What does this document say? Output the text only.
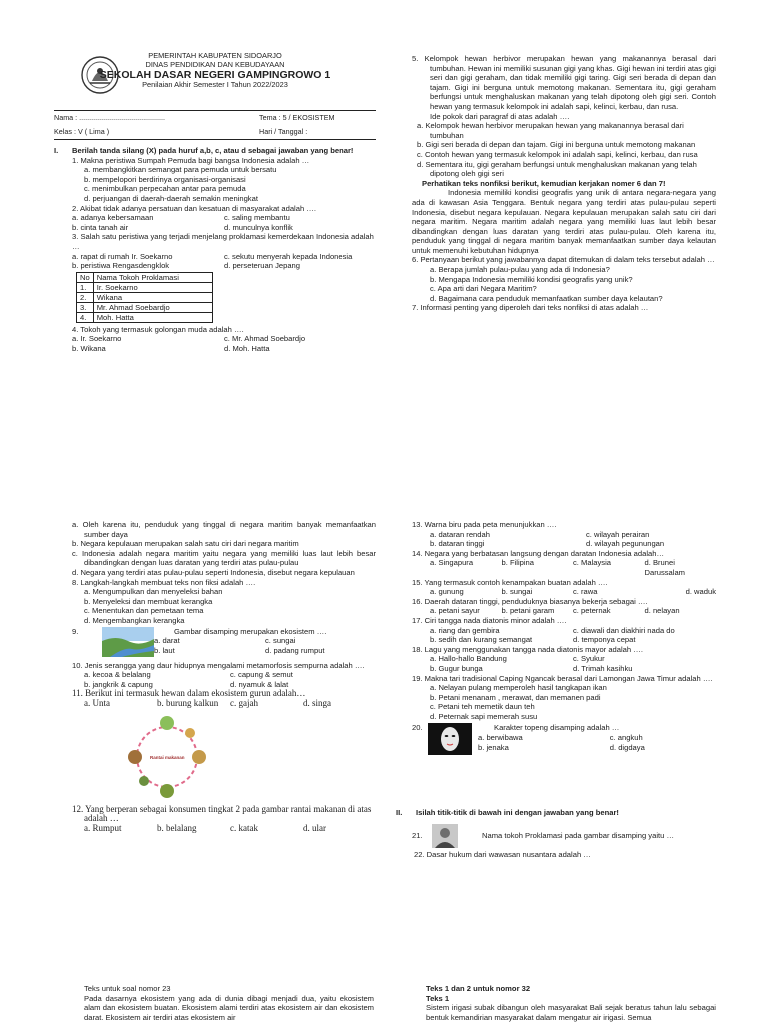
PEMERINTAH KABUPATEN SIDOARJO
DINAS PENDIDIKAN DAN KEBUDAYAAN
SEKOLAH DASAR NEGERI GAMPINGROWO 1
Penilaian Akhir Semester I Tahun 2022/2023
Nama : ...........................................	Tema : 5 / EKOSISTEM
Kelas : V ( Lima )	Hari / Tanggal :
I.	Berilah tanda silang (X) pada huruf a,b, c, atau d sebagai jawaban yang benar!
1. Makna peristiwa Sumpah Pemuda bagi bangsa Indonesia adalah …
a. membangkitkan semangat para pemuda untuk bersatu
b. mempelopori berdirinya organisasi-organisasi
c. menimbulkan perpecahan antar para pemuda
d. perjuangan di daerah-daerah semakin meningkat
2. Akibat tidak adanya persatuan dan kesatuan di masyarakat adalah ….
a. adanya kebersamaan	c. saling membantu
b. cinta tanah air	d. munculnya konflik
3. Salah satu peristiwa yang terjadi menjelang proklamasi kemerdekaan Indonesia adalah …
a. rapat di rumah Ir. Soekarno	c. sekutu menyerah kepada Indonesia
b. peristiwa Rengasdengklok	d. perseteruan Jepang
No	Nama Tokoh Proklamasi
1.	Ir. Soekarno
2.	Wikana
3.	Mr. Ahmad Soebardjo
4.	Moh. Hatta
4. Tokoh yang termasuk golongan muda adalah ….
a. Ir. Soekarno	c. Mr. Ahmad Soebardjo
b. Wikana	d. Moh. Hatta
5. Kelompok hewan herbivor merupakan hewan yang makanannya berasal dari tumbuhan. Hewan ini memiliki susunan gigi yang khas. Gigi hewan ini terdiri atas gigi seri dan gigi geraham, dan tidak memiliki gigi taring. Gigi seri berada di depan dan tajam. Gigi ini berguna untuk memotong makanan. Sementara itu, gigi geraham berfungsi untuk menghaluskan makanan yang telah dipotong oleh gigi seri. Contoh hewan yang termasuk kelompok ini adalah sapi, kelinci, kerbau, dan rusa.
Ide pokok dari paragraf di atas adalah ….
a. Kelompok hewan herbivor merupakan hewan yang makanannya berasal dari tumbuhan
b. Gigi seri berada di depan dan tajam. Gigi ini berguna untuk memotong makanan
c. Contoh hewan yang termasuk kelompok ini adalah sapi, kelinci, kerbau, dan rusa
d. Sementara itu, gigi geraham berfungsi untuk menghaluskan makanan yang telah dipotong oleh gigi seri
Perhatikan teks nonfiksi berikut, kemudian kerjakan nomer 6 dan 7!
Indonesia memiliki kondisi geografis yang unik di antara negara-negara yang ada di kawasan Asia Tenggara. Bentuk negara yang terdiri atas pulau-pulau seperti Indonesia, disebut negara kepulauan. Negara kepulauan merupakan salah satu ciri dari negara maritim. Negara maritim adalah negara yang memiliki luas laut lebih besar dibandingkan dengan luas daratan yang terdiri atas pulau-pulau. Oleh karena itu, penduduk yang tinggal di negara maritim banyak memanfaatkan sumber daya kelautan untuk memenuhi kebutuhan hidupnya
6. Pertanyaan berikut yang jawabannya dapat ditemukan di dalam teks tersebut adalah …
a. Berapa jumlah pulau-pulau yang ada di Indonesia?
b. Mengapa Indonesia memiliki kondisi geografis yang unik?
c. Apa arti dari Negara Maritim?
d. Bagaimana cara penduduk memanfaatkan sumber daya kelautan?
7. Informasi penting yang diperoleh dari teks nonfiksi di atas adalah …
a. Oleh karena itu, penduduk yang tinggal di negara maritim banyak memanfaatkan sumber daya
b. Negara kepulauan merupakan salah satu ciri dari negara maritim
c. Indonesia adalah negara maritim yaitu negara yang memiliki luas laut lebih besar dibandingkan dengan luas daratan yang terdiri atas pulau-pulau
d. Negara yang terdiri atas pulau-pulau seperti Indonesia, disebut negara kepulauan
8. Langkah-langkah membuat teks non fiksi adalah ….
a. Mengumpulkan dan menyeleksi bahan
b. Menyeleksi dan membuat kerangka
c. Menentukan dan pemetaan tema
d. Mengembangkan kerangka
9.	Gambar disamping merupakan ekosistem ….
a. darat	c. sungai
b. laut	d. padang rumput
10. Jenis serangga yang daur hidupnya mengalami metamorfosis sempurna adalah ….
a. kecoa & belalang	c. capung & semut
b. jangkrik & capung	d. nyamuk & lalat
11. Berikut ini termasuk hewan dalam ekosistem gurun adalah…
a. Unta	b. burung kalkun	c. gajah	d. singa
Rantai makanan
12. Yang berperan sebagai konsumen tingkat 2 pada gambar rantai makanan di atas adalah …
a. Rumput	b. belalang	c. katak	d. ular
Teks untuk soal nomor 23
Pada dasarnya ekosistem yang ada di dunia dibagi menjadi dua, yaitu ekosistem alam dan ekosistem buatan. Ekosistem alami terdiri atas ekosistem air dan ekosistem darat. Ekosistem air terdiri atas ekosistem air
13. Warna biru pada peta menunjukkan ….
a. dataran rendah	c. wilayah perairan
b. dataran tinggi	d. wilayah pegunungan
14. Negara yang berbatasan langsung dengan daratan Indonesia adalah…
a. Singapura	b. Filipina	c. Malaysia	d. Brunei Darussalam
15. Yang termasuk contoh kenampakan buatan adalah ….
a. gunung	b. sungai	c. rawa	d. waduk
16. Daerah dataran tinggi, penduduknya biasanya bekerja sebagai ….
a. petani sayur	b. petani garam	c. peternak	d. nelayan
17. Ciri tangga nada diatonis minor adalah ….
a. riang dan gembira	c. diawali dan diakhiri nada do
b. sedih dan kurang semangat	d. temponya cepat
18. Lagu yang menggunakan tangga nada diatonis mayor adalah ….
a. Hallo-hallo Bandung	c. Syukur
b. Gugur bunga	d. Trimah kasihku
19. Makna tari tradisional Caping Ngancak berasal dari Lamongan Jawa Timur adalah ….
a. Nelayan pulang memperoleh hasil tangkapan ikan
b. Petani menanam , merawat, dan memanen padi
c. Petani teh memetik daun teh
d. Peternak sapi memerah susu
20.	Karakter topeng disamping adalah …
a. berwibawa	c. angkuh
b. jenaka	d. digdaya
II.	Isilah titik-titik di bawah ini dengan jawaban yang benar!
21.	Nama tokoh Proklamasi pada gambar disamping yaitu …
22. Dasar hukum dari wawasan nusantara adalah …
Teks 1 dan 2 untuk nomor 32
Teks 1
Sistem irigasi subak dibangun oleh masyarakat Bali sejak beratus tahun lalu sebagai bentuk kemandirian masyarakat dalam mengatur air irigasi. Semua
